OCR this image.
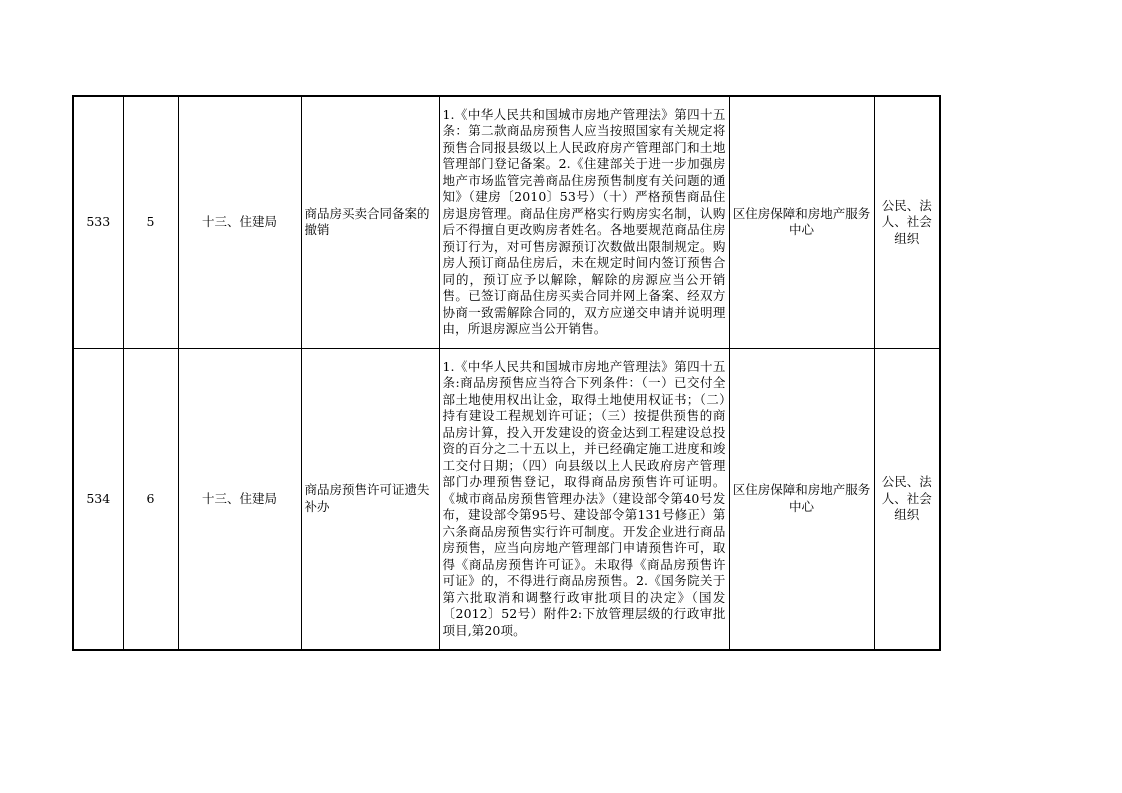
533	5	十三、住建局	商品房买卖合同备案的撤销	1.《中华人民共和国城市房地产管理法》第四十五条：第二款商品房预售人应当按照国家有关规定将预售合同报县级以上人民政府房产管理部门和土地管理部门登记备案。2.《住建部关于进一步加强房地产市场监管完善商品住房预售制度有关问题的通知》（建房〔2010〕53号）（十）严格预售商品住房退房管理。商品住房严格实行购房实名制，认购后不得擅自更改购房者姓名。各地要规范商品住房预订行为，对可售房源预订次数做出限制规定。购房人预订商品住房后，未在规定时间内签订预售合同的，预订应予以解除，解除的房源应当公开销售。已签订商品住房买卖合同并网上备案、经双方协商一致需解除合同的，双方应递交申请并说明理由，所退房源应当公开销售。	区住房保障和房地产服务中心	公民、法人、社会组织
534	6	十三、住建局	商品房预售许可证遗失补办	1.《中华人民共和国城市房地产管理法》第四十五条:商品房预售应当符合下列条件：（一）已交付全部土地使用权出让金，取得土地使用权证书；（二）持有建设工程规划许可证；（三）按提供预售的商品房计算，投入开发建设的资金达到工程建设总投资的百分之二十五以上，并已经确定施工进度和竣工交付日期；（四）向县级以上人民政府房产管理部门办理预售登记，取得商品房预售许可证明。《城市商品房预售管理办法》（建设部令第40号发布，建设部令第95号、建设部令第131号修正）第六条商品房预售实行许可制度。开发企业进行商品房预售，应当向房地产管理部门申请预售许可，取得《商品房预售许可证》。未取得《商品房预售许可证》的，不得进行商品房预售。2.《国务院关于第六批取消和调整行政审批项目的决定》（国发〔2012〕52号）附件2:下放管理层级的行政审批项目,第20项。	区住房保障和房地产服务中心	公民、法人、社会组织
